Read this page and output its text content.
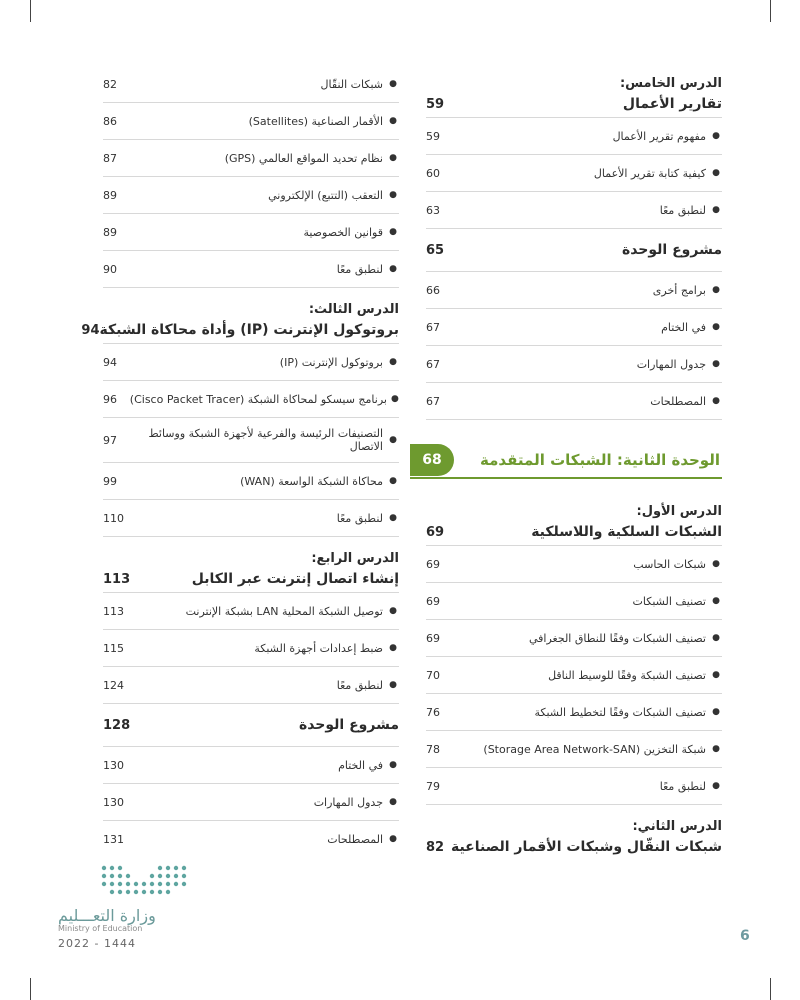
الدرس الخامس:
تقارير الأعمال
59
●
مفهوم تقرير الأعمال
59
●
كيفية كتابة تقرير الأعمال
60
●
لنطبق معًا
63
مشروع الوحدة
65
●
برامج أخرى
66
●
في الختام
67
●
جدول المهارات
67
●
المصطلحات
67
الوحدة الثانية: الشبكات المتقدمة
68
الدرس الأول:
الشبكات السلكية واللاسلكية
69
●
شبكات الحاسب
69
●
تصنيف الشبكات
69
●
تصنيف الشبكات وفقًا للنطاق الجغرافي
69
●
تصنيف الشبكة وفقًا للوسيط الناقل
70
●
تصنيف الشبكات وفقًا لتخطيط الشبكة
76
●
شبكة التخزين (Storage Area Network-SAN)
78
●
لنطبق معًا
79
الدرس الثاني:
شبكات النقّال وشبكات الأقمار الصناعية
82
●
شبكات النقّال
82
●
الأقمار الصناعية (Satellites)
86
●
نظام تحديد المواقع العالمي (GPS)
87
●
التعقب (التتبع) الإلكتروني
89
●
قوانين الخصوصية
89
●
لنطبق معًا
90
الدرس الثالث:
بروتوكول الإنترنت (IP) وأداة محاكاة الشبكة
94
●
بروتوكول الإنترنت (IP)
94
●
برنامج سيسكو لمحاكاة الشبكة (Cisco Packet Tracer)
96
●
التصنيفات الرئيسة والفرعية لأجهزة الشبكة ووسائط الاتصال
97
●
محاكاة الشبكة الواسعة (WAN)
99
●
لنطبق معًا
110
الدرس الرابع:
إنشاء اتصال إنترنت عبر الكابل
113
●
توصيل الشبكة المحلية LAN بشبكة الإنترنت
113
●
ضبط إعدادات أجهزة الشبكة
115
●
لنطبق معًا
124
مشروع الوحدة
128
●
في الختام
130
●
جدول المهارات
130
●
المصطلحات
131
وزارة التعـــليم
Ministry of Education
2022 - 1444	6
